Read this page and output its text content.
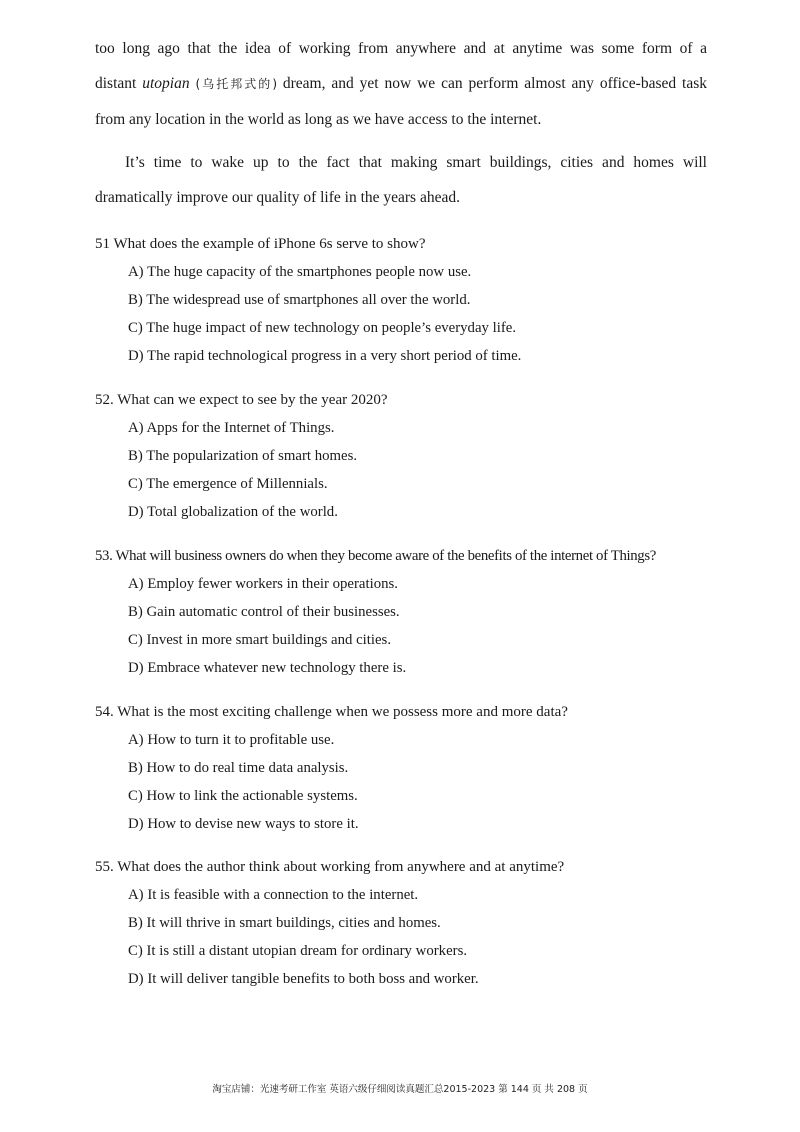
too long ago that the idea of working from anywhere and at anytime was some form of a
distant utopian (乌托邦式的) dream, and yet now we can perform almost any office-based task
from any location in the world as long as we have access to the internet.
It’s time to wake up to the fact that making smart buildings, cities and homes will
dramatically improve our quality of life in the years ahead.

51 What does the example of iPhone 6s serve to show?

A) The huge capacity of the smartphones people now use.

B) The widespread use of smartphones all over the world.

C) The huge impact of new technology on people’s everyday life.

D) The rapid technological progress in a very short period of time.

52. What can we expect to see by the year 2020?

A) Apps for the Internet of Things.

B) The popularization of smart homes.

C) The emergence of Millennials.

D) Total globalization of the world.

53. What will business owners do when they become aware of the benefits of the internet of Things?

A) Employ fewer workers in their operations.

B) Gain automatic control of their businesses.

C) Invest in more smart buildings and cities.

D) Embrace whatever new technology there is.

54. What is the most exciting challenge when we possess more and more data?

A) How to turn it to profitable use.

B) How to do real time data analysis.

C) How to link the actionable systems.

D) How to devise new ways to store it.

55. What does the author think about working from anywhere and at anytime?

A) It is feasible with a connection to the internet.

B) It will thrive in smart buildings, cities and homes.

C) It is still a distant utopian dream for ordinary workers.

D) It will deliver tangible benefits to both boss and worker.

淘宝店铺：光速考研工作室 英语六级仔细阅读真题汇总2015-2023 第 144 页 共 208 页
